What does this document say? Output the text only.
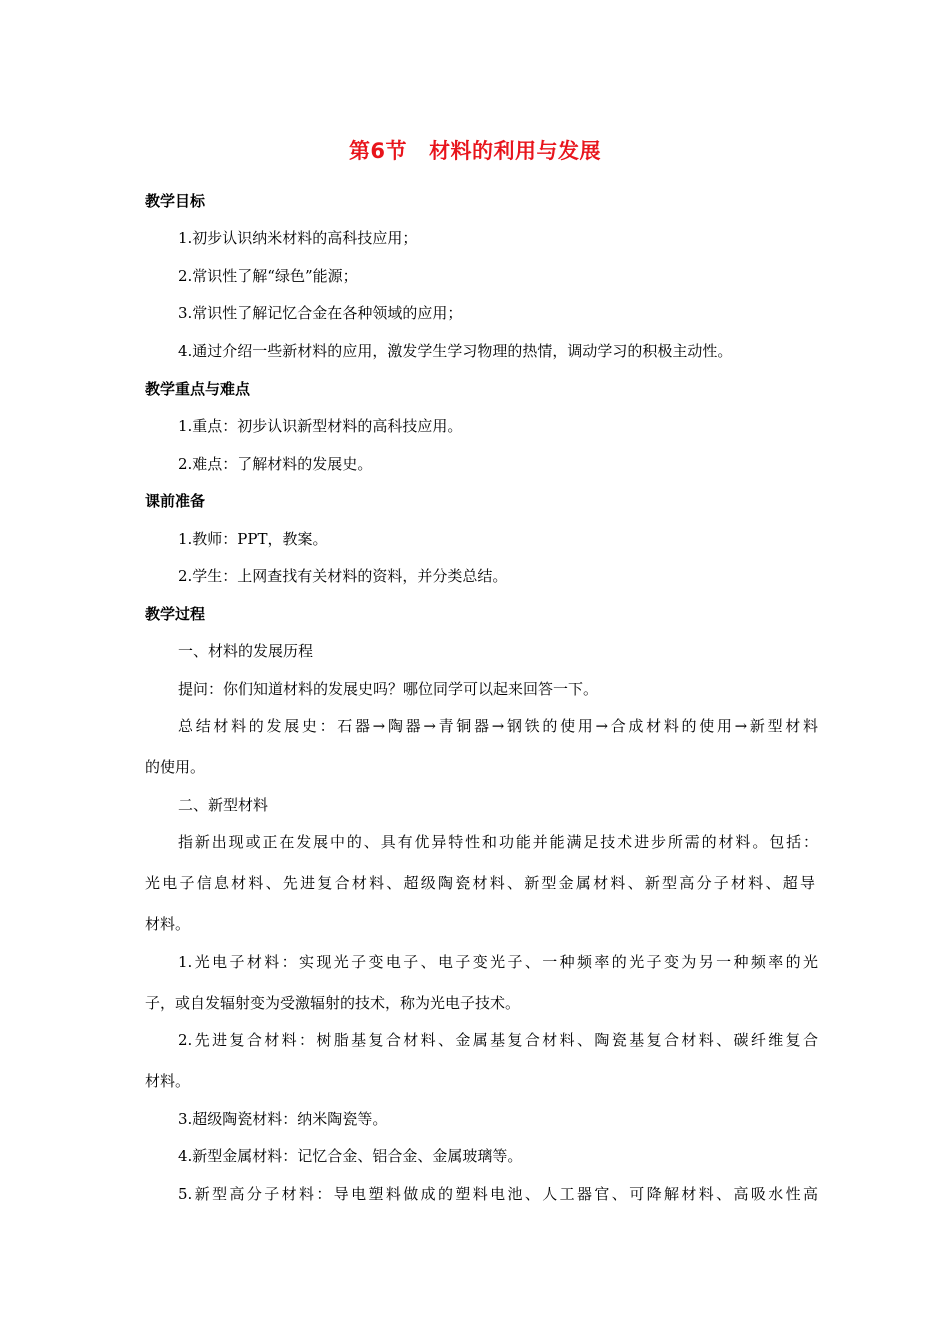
第6节 材料的利用与发展
教学目标
1.初步认识纳米材料的高科技应用；
2.常识性了解“绿色”能源；
3.常识性了解记忆合金在各种领域的应用；
4.通过介绍一些新材料的应用，激发学生学习物理的热情，调动学习的积极主动性。
教学重点与难点
1.重点：初步认识新型材料的高科技应用。
2.难点：了解材料的发展史。
课前准备
1.教师：PPT，教案。
2.学生：上网查找有关材料的资料，并分类总结。
教学过程
一、材料的发展历程
提问：你们知道材料的发展史吗？哪位同学可以起来回答一下。
总结材料的发展史：石器→陶器→青铜器→钢铁的使用→合成材料的使用→新型材料
的使用。
二、新型材料
指新出现或正在发展中的、具有优异特性和功能并能满足技术进步所需的材料。包括：
光电子信息材料、先进复合材料、超级陶瓷材料、新型金属材料、新型高分子材料、超导
材料。
1.光电子材料：实现光子变电子、电子变光子、一种频率的光子变为另一种频率的光
子，或自发辐射变为受激辐射的技术，称为光电子技术。
2.先进复合材料：树脂基复合材料、金属基复合材料、陶瓷基复合材料、碳纤维复合
材料。
3.超级陶瓷材料：纳米陶瓷等。
4.新型金属材料：记忆合金、铝合金、金属玻璃等。
5.新型高分子材料：导电塑料做成的塑料电池、人工器官、可降解材料、高吸水性高
